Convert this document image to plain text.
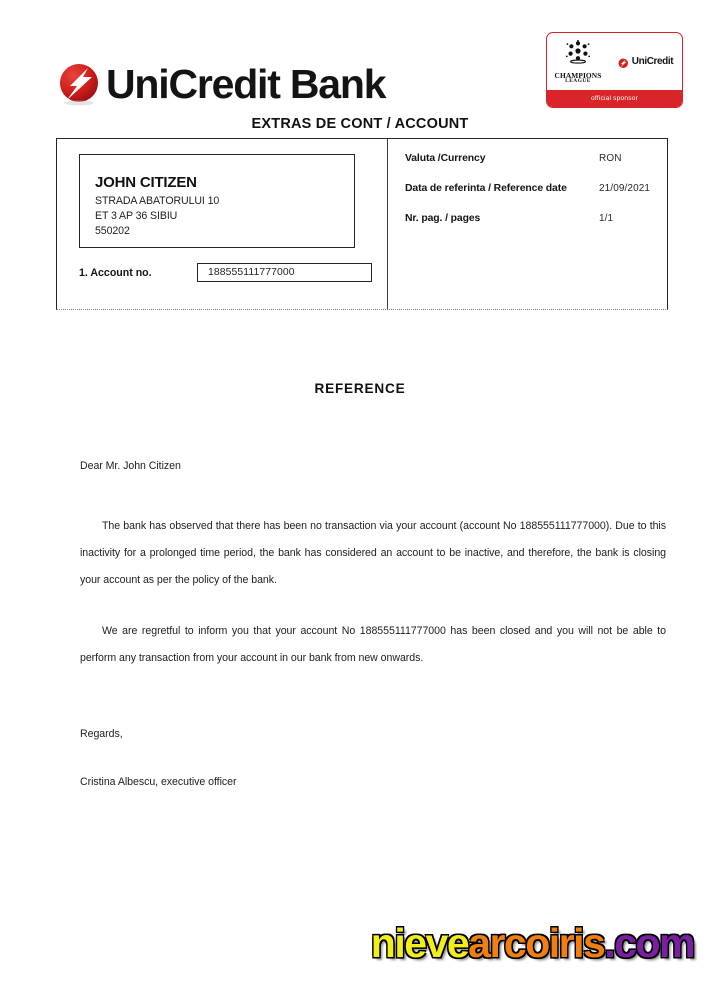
UniCredit Bank	CHAMPIONS
LEAGUE
UniCredit
official sponsor
EXTRAS DE CONT / ACCOUNT
JOHN CITIZEN
STRADA ABATORULUI 10
ET 3 AP 36 SIBIU
550202
1. Account no.	188555111777000
Valuta /Currency	RON
Data de referinta / Reference date	21/09/2021
Nr. pag. / pages	1/1
REFERENCE
Dear Mr. John Citizen

The bank has observed that there has been no transaction via your account (account No 188555111777000). Due to this inactivity for a prolonged time period, the bank has considered an account to be inactive, and therefore, the bank is closing your account as per the policy of the bank.

We are regretful to inform you that your account No 188555111777000 has been closed and you will not be able to perform any transaction from your account in our bank from new onwards.

Regards,
Cristina Albescu, executive officer
nievearcoiris.com
